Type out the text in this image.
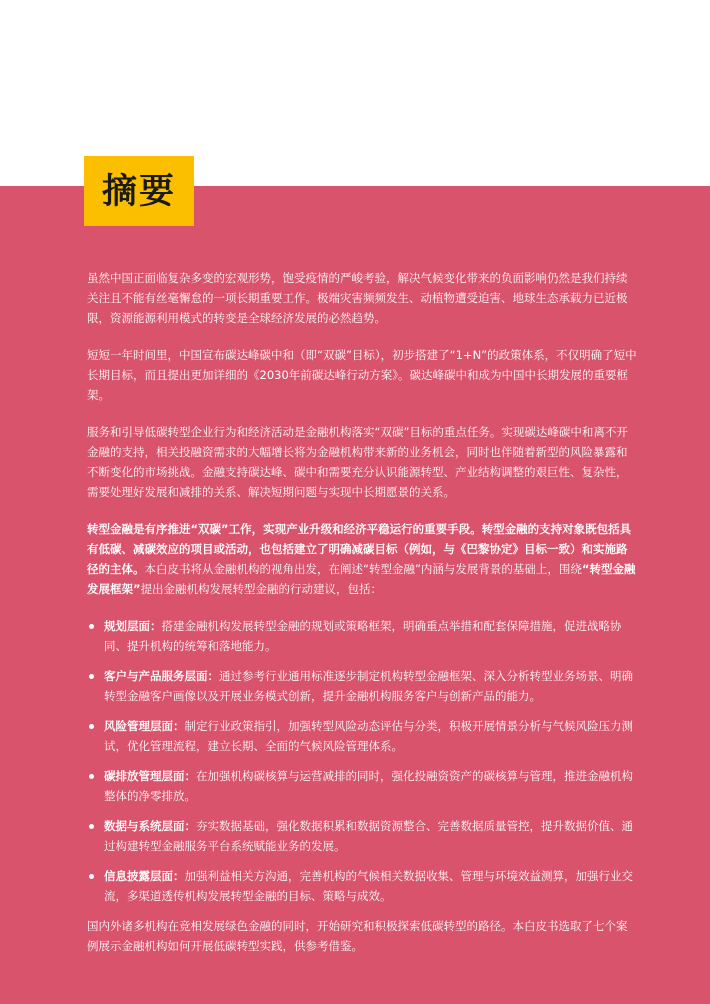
摘要

虽然中国正面临复杂多变的宏观形势，饱受疫情的严峻考验，解决气候变化带来的负面影响仍然是我们持续关注且不能有丝毫懈怠的一项长期重要工作。极端灾害频频发生、动植物遭受迫害、地球生态承载力已近极限，资源能源利用模式的转变是全球经济发展的必然趋势。

短短一年时间里，中国宣布碳达峰碳中和（即“双碳”目标），初步搭建了“1+N”的政策体系，不仅明确了短中长期目标，而且提出更加详细的《2030年前碳达峰行动方案》。碳达峰碳中和成为中国中长期发展的重要框架。

服务和引导低碳转型企业行为和经济活动是金融机构落实“双碳”目标的重点任务。实现碳达峰碳中和离不开金融的支持，相关投融资需求的大幅增长将为金融机构带来新的业务机会，同时也伴随着新型的风险暴露和不断变化的市场挑战。金融支持碳达峰、碳中和需要充分认识能源转型、产业结构调整的艰巨性、复杂性，需要处理好发展和减排的关系、解决短期问题与实现中长期愿景的关系。

转型金融是有序推进“双碳”工作，实现产业升级和经济平稳运行的重要手段。转型金融的支持对象既包括具有低碳、减碳效应的项目或活动，也包括建立了明确减碳目标（例如，与《巴黎协定》目标一致）和实施路径的主体。本白皮书将从金融机构的视角出发，在阐述“转型金融”内涵与发展背景的基础上，围绕“转型金融发展框架”提出金融机构发展转型金融的行动建议，包括：

规划层面：搭建金融机构发展转型金融的规划或策略框架，明确重点举措和配套保障措施，促进战略协同、提升机构的统筹和落地能力。
客户与产品服务层面：通过参考行业通用标准逐步制定机构转型金融框架、深入分析转型业务场景、明确转型金融客户画像以及开展业务模式创新，提升金融机构服务客户与创新产品的能力。
风险管理层面：制定行业政策指引，加强转型风险动态评估与分类，积极开展情景分析与气候风险压力测试，优化管理流程，建立长期、全面的气候风险管理体系。
碳排放管理层面：在加强机构碳核算与运营减排的同时，强化投融资资产的碳核算与管理，推进金融机构整体的净零排放。
数据与系统层面：夯实数据基础，强化数据积累和数据资源整合、完善数据质量管控，提升数据价值、通过构建转型金融服务平台系统赋能业务的发展。
信息披露层面：加强利益相关方沟通，完善机构的气候相关数据收集、管理与环境效益测算，加强行业交流，多渠道透传机构发展转型金融的目标、策略与成效。

国内外诸多机构在竞相发展绿色金融的同时，开始研究和积极探索低碳转型的路径。本白皮书选取了七个案例展示金融机构如何开展低碳转型实践，供参考借鉴。
